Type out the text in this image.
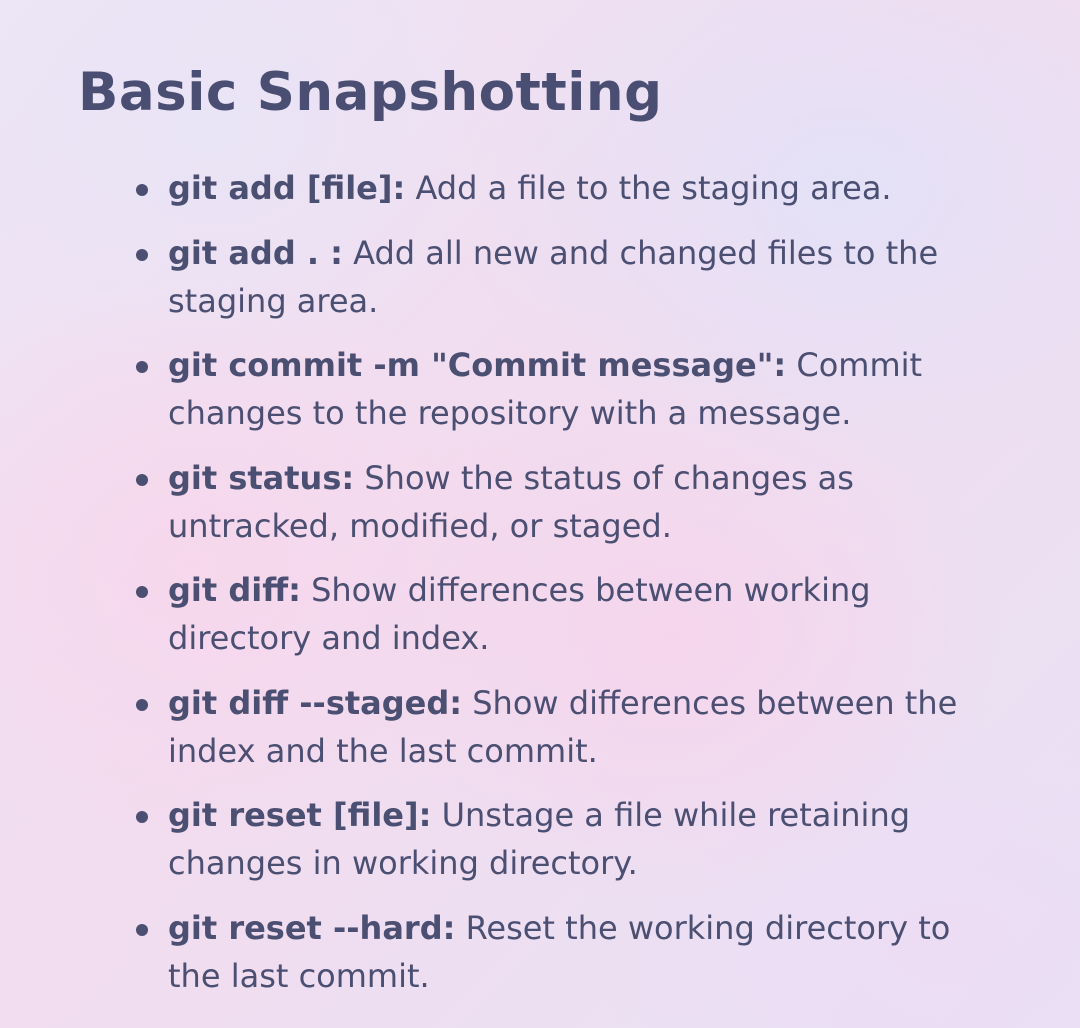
Basic Snapshotting
git add [file]: Add a file to the staging area.
git add . : Add all new and changed files to the staging area.
git commit -m "Commit message": Commit changes to the repository with a message.
git status: Show the status of changes as untracked, modified, or staged.
git diff: Show differences between working directory and index.
git diff --staged: Show differences between the index and the last commit.
git reset [file]: Unstage a file while retaining changes in working directory.
git reset --hard: Reset the working directory to the last commit.
